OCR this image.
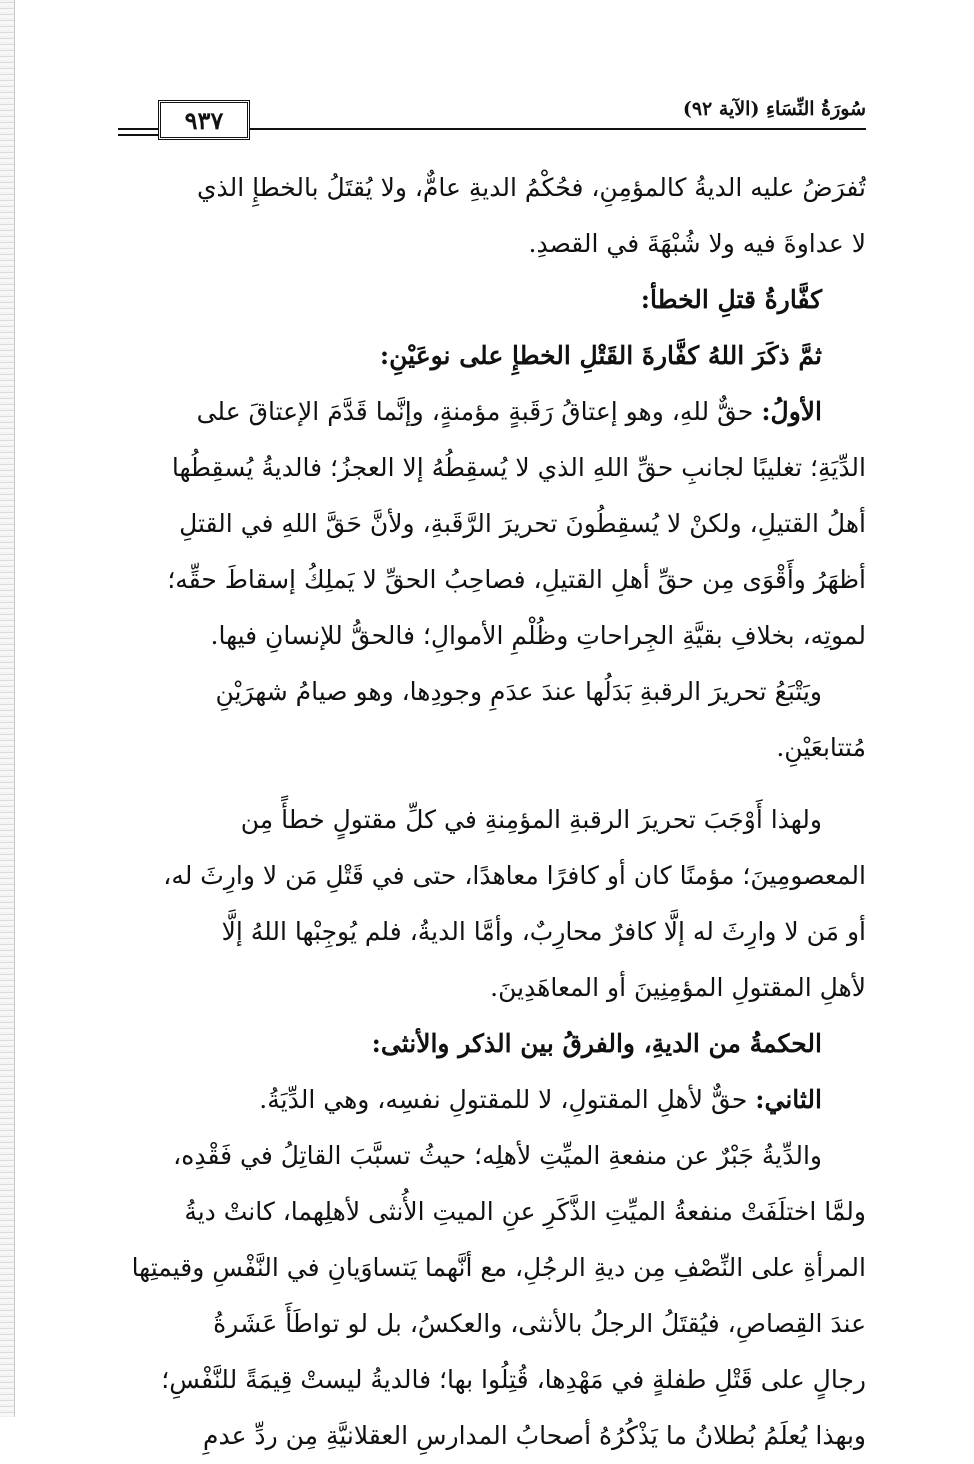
٩٣٧	سُورَةُ النِّسَاءِ (الآية ٩٢)
تُفرَضُ عليه الديةُ كالمؤمِنِ، فحُكْمُ الديةِ عامٌّ، ولا يُقتَلُ بالخطإِ الذي
لا عداوةَ فيه ولا شُبْهَةَ في القصدِ.
كفَّارةُ قتلِ الخطأ:
ثمَّ ذكَرَ اللهُ كفَّارةَ القَتْلِ الخطإِ على نوعَيْنِ:
الأولُ: حقٌّ للهِ، وهو إعتاقُ رَقَبةٍ مؤمنةٍ، وإنَّما قَدَّمَ الإعتاقَ على
الدِّيَةِ؛ تغليبًا لجانبِ حقِّ اللهِ الذي لا يُسقِطُهُ إلا العجزُ؛ فالديةُ يُسقِطُها
أهلُ القتيلِ، ولكنْ لا يُسقِطُونَ تحريرَ الرَّقَبةِ، ولأنَّ حَقَّ اللهِ في القتلِ
أظهَرُ وأَقْوَى مِن حقِّ أهلِ القتيلِ، فصاحِبُ الحقِّ لا يَملِكُ إسقاطَ حقِّه؛
لموتِه، بخلافِ بقيَّةِ الجِراحاتِ وظُلْمِ الأموالِ؛ فالحقُّ للإنسانِ فيها.
ويَتْبَعُ تحريرَ الرقبةِ بَدَلُها عندَ عدَمِ وجودِها، وهو صيامُ شهرَيْنِ
مُتتابعَيْنِ.
ولهذا أَوْجَبَ تحريرَ الرقبةِ المؤمِنةِ في كلِّ مقتولٍ خطأً مِن
المعصومِينَ؛ مؤمنًا كان أو كافرًا معاهدًا، حتى في قَتْلِ مَن لا وارِثَ له،
أو مَن لا وارِثَ له إلَّا كافرٌ محارِبٌ، وأمَّا الديةُ، فلم يُوجِبْها اللهُ إلَّا
لأهلِ المقتولِ المؤمِنِينَ أو المعاهَدِينَ.
الحكمةُ من الديةِ، والفرقُ بين الذكر والأنثى:
الثاني: حقٌّ لأهلِ المقتولِ، لا للمقتولِ نفسِه، وهي الدِّيَةُ.
والدِّيةُ جَبْرٌ عن منفعةِ الميِّتِ لأهلِه؛ حيثُ تسبَّبَ القاتِلُ في فَقْدِه،
ولمَّا اختلَفَتْ منفعةُ الميِّتِ الذَّكَرِ عنِ الميتِ الأُنثى لأهلِهما، كانتْ ديةُ
المرأةِ على النِّصْفِ مِن ديةِ الرجُلِ، مع أنَّهما يَتساوَيانِ في النَّفْسِ وقيمتِها
عندَ القِصاصِ، فيُقتَلُ الرجلُ بالأنثى، والعكسُ، بل لو تواطَأَ عَشَرةُ
رجالٍ على قَتْلِ طفلةٍ في مَهْدِها، قُتِلُوا بها؛ فالديةُ ليستْ قِيمَةً للنَّفْسِ؛
وبهذا يُعلَمُ بُطلانُ ما يَذْكُرُهُ أصحابُ المدارسِ العقلانيَّةِ مِن ردِّ عدمِ
